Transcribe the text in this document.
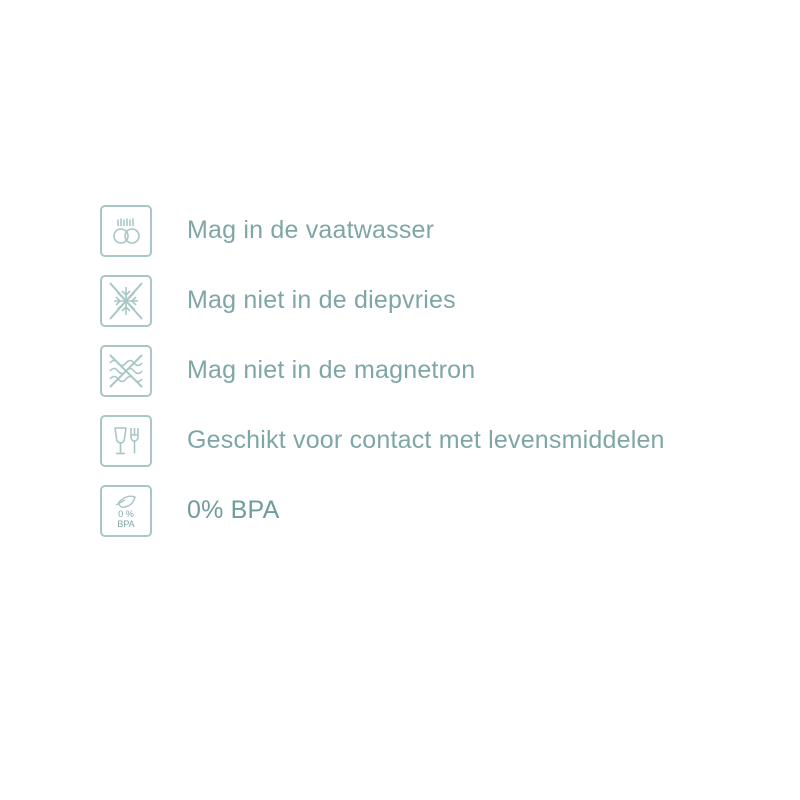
Mag in de vaatwasser
Mag niet in de diepvries
Mag niet in de magnetron
Geschikt voor contact met levensmiddelen
0 %
BPA 0% BPA
